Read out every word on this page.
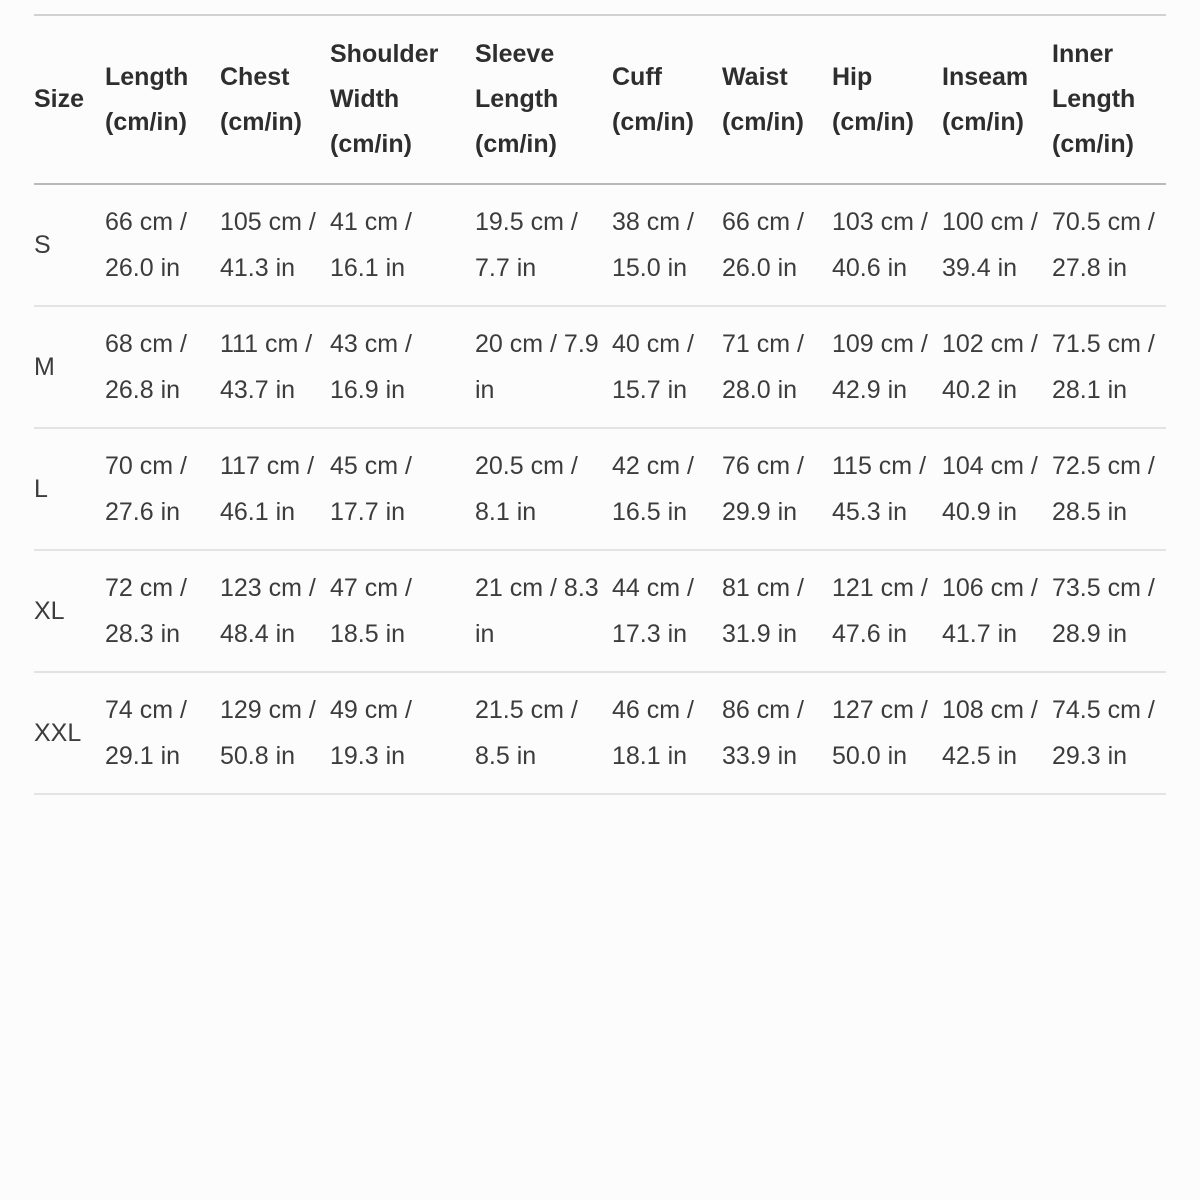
Size	Length (cm/in)	Chest (cm/in)	Shoulder Width (cm/in)	Sleeve Length (cm/in)	Cuff (cm/in)	Waist (cm/in)	Hip (cm/in)	Inseam (cm/in)	Inner Length (cm/in)
S	66 cm / 26.0 in	105 cm / 41.3 in	41 cm / 16.1 in	19.5 cm / 7.7 in	38 cm / 15.0 in	66 cm / 26.0 in	103 cm / 40.6 in	100 cm / 39.4 in	70.5 cm / 27.8 in
M	68 cm / 26.8 in	111 cm / 43.7 in	43 cm / 16.9 in	20 cm / 7.9 in	40 cm / 15.7 in	71 cm / 28.0 in	109 cm / 42.9 in	102 cm / 40.2 in	71.5 cm / 28.1 in
L	70 cm / 27.6 in	117 cm / 46.1 in	45 cm / 17.7 in	20.5 cm / 8.1 in	42 cm / 16.5 in	76 cm / 29.9 in	115 cm / 45.3 in	104 cm / 40.9 in	72.5 cm / 28.5 in
XL	72 cm / 28.3 in	123 cm / 48.4 in	47 cm / 18.5 in	21 cm / 8.3 in	44 cm / 17.3 in	81 cm / 31.9 in	121 cm / 47.6 in	106 cm / 41.7 in	73.5 cm / 28.9 in
XXL	74 cm / 29.1 in	129 cm / 50.8 in	49 cm / 19.3 in	21.5 cm / 8.5 in	46 cm / 18.1 in	86 cm / 33.9 in	127 cm / 50.0 in	108 cm / 42.5 in	74.5 cm / 29.3 in
